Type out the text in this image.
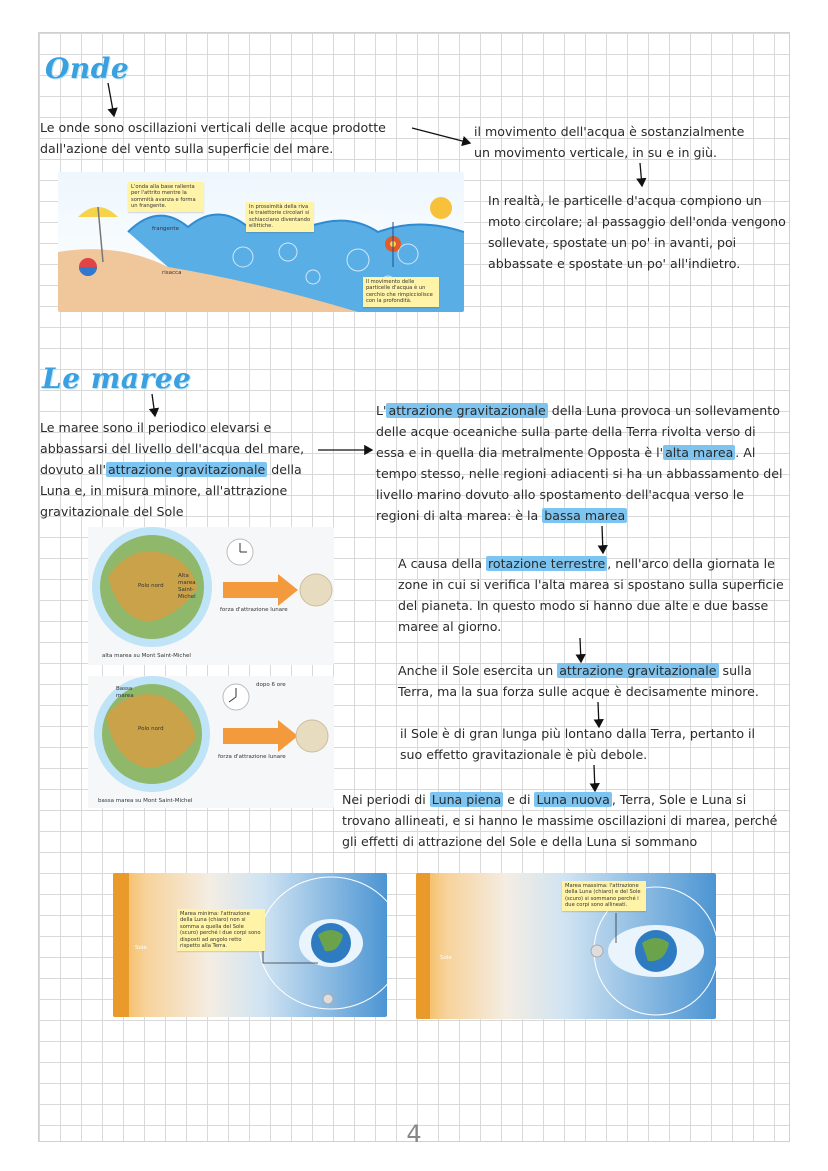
Onde

Le onde sono oscillazioni verticali delle acque prodotte dall'azione del vento sulla superficie del mare.

il movimento dell'acqua è sostanzialmente un movimento verticale, in su e in giù.

In realtà, le particelle d'acqua compiono un moto circolare; al passaggio dell'onda vengono sollevate, spostate un po' in avanti, poi abbassate e spostate un po' all'indietro.

L'onda alla base rallenta per l'attrito mentre la sommità avanza e forma un frangente.	In prossimità della riva le traiettorie circolari si schiacciano diventando ellittiche.
Il movimento delle particelle d'acqua è un cerchio che rimpicciolisce con la profondità.
frangente
risacca
Le maree

Le maree sono il periodico elevarsi e abbassarsi del livello dell'acqua del mare, dovuto all' attrazione gravitazionale della Luna e, in misura minore, all'attrazione gravitazionale del Sole

L' attrazione gravitazionale della Luna provoca un sollevamento delle acque oceaniche sulla parte della Terra rivolta verso di essa e in quella dia metralmente Opposta è l' alta marea . Al tempo stesso, nelle regioni adiacenti si ha un abbassamento del livello marino dovuto allo spostamento dell'acqua verso le regioni di alta marea: è la bassa marea

A causa della rotazione terrestre , nell'arco della giornata le zone in cui si verifica l'alta marea si spostano sulla superficie del pianeta. In questo modo si hanno due alte e due basse maree al giorno.

Anche il Sole esercita un attrazione gravitazionale sulla Terra, ma la sua forza sulle acque è decisamente minore.

il Sole è di gran lunga più lontano dalla Terra, pertanto il suo effetto gravitazionale è più debole.

Nei periodi di Luna piena e di Luna nuova , Terra, Sole e Luna si trovano allineati, e si hanno le massime oscillazioni di marea, perché gli effetti di attrazione del Sole e della Luna si sommano

Polo nord
Alta marea Saint-Michel
forza d'attrazione lunare
alta marea su Mont Saint-Michel
dopo 6 ore
Polo nord
Bassa marea
forza d'attrazione lunare
bassa marea su Mont Saint-Michel
Marea minima: l'attrazione della Luna (chiaro) non si somma a quella del Sole (scuro) perché i due corpi sono disposti ad angolo retto rispetto alla Terra.
Sole
Marea massima: l'attrazione della Luna (chiaro) e del Sole (scuro) si sommano perché i due corpi sono allineati.
Sole
4
